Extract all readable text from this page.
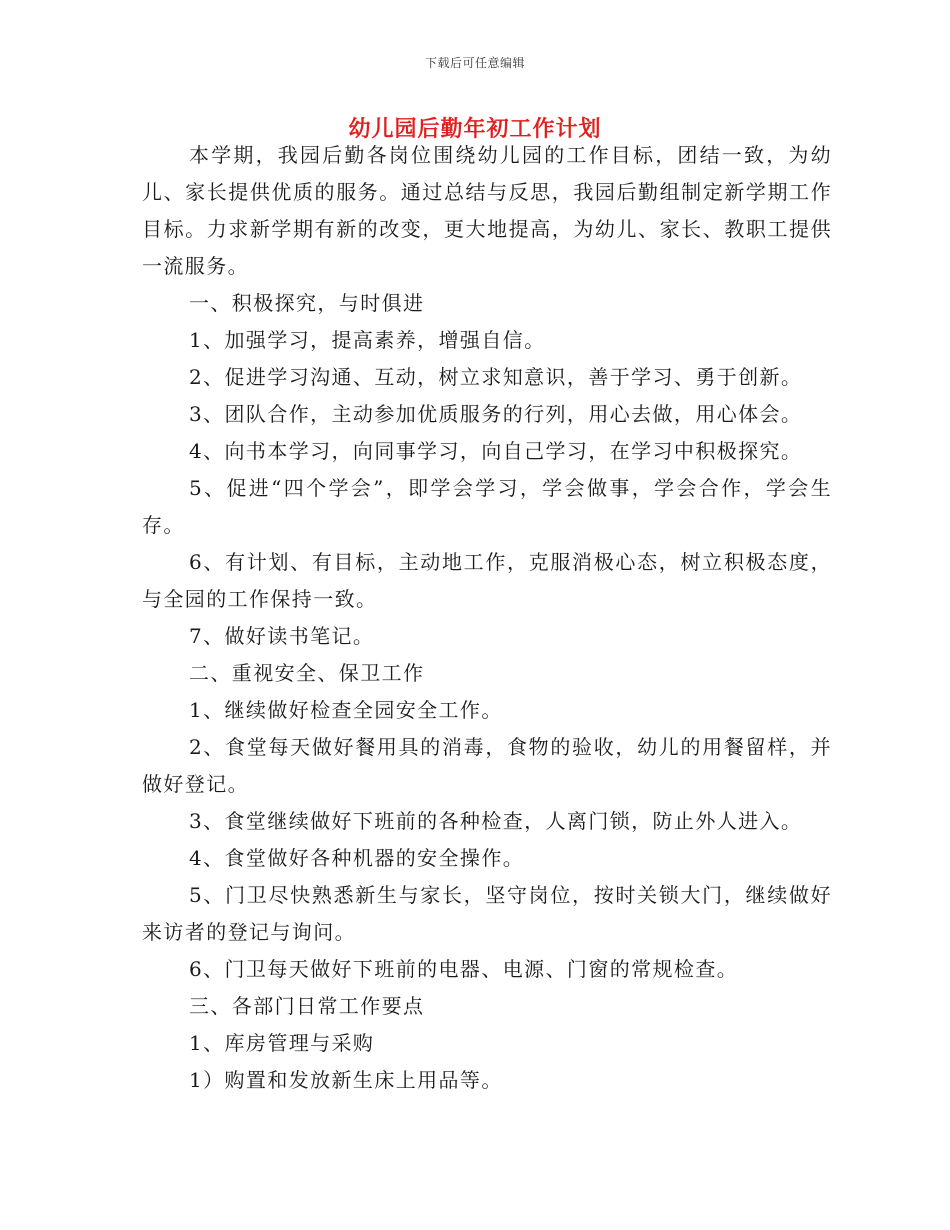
下载后可任意编辑
幼儿园后勤年初工作计划

本学期，我园后勤各岗位围绕幼儿园的工作目标，团结一致，为幼儿、家长提供优质的服务。通过总结与反思，我园后勤组制定新学期工作目标。力求新学期有新的改变，更大地提高，为幼儿、家长、教职工提供一流服务。

一、积极探究，与时俱进

1、加强学习，提高素养，增强自信。

2、促进学习沟通、互动，树立求知意识，善于学习、勇于创新。

3、团队合作，主动参加优质服务的行列，用心去做，用心体会。

4、向书本学习，向同事学习，向自己学习，在学习中积极探究。

5、促进“四个学会”，即学会学习，学会做事，学会合作，学会生存。

6、有计划、有目标，主动地工作，克服消极心态，树立积极态度，与全园的工作保持一致。

7、做好读书笔记。

二、重视安全、保卫工作

1、继续做好检查全园安全工作。

2、食堂每天做好餐用具的消毒，食物的验收，幼儿的用餐留样，并做好登记。

3、食堂继续做好下班前的各种检查，人离门锁，防止外人进入。

4、食堂做好各种机器的安全操作。

5、门卫尽快熟悉新生与家长，坚守岗位，按时关锁大门，继续做好来访者的登记与询问。

6、门卫每天做好下班前的电器、电源、门窗的常规检查。

三、各部门日常工作要点

1、库房管理与采购

1）购置和发放新生床上用品等。
